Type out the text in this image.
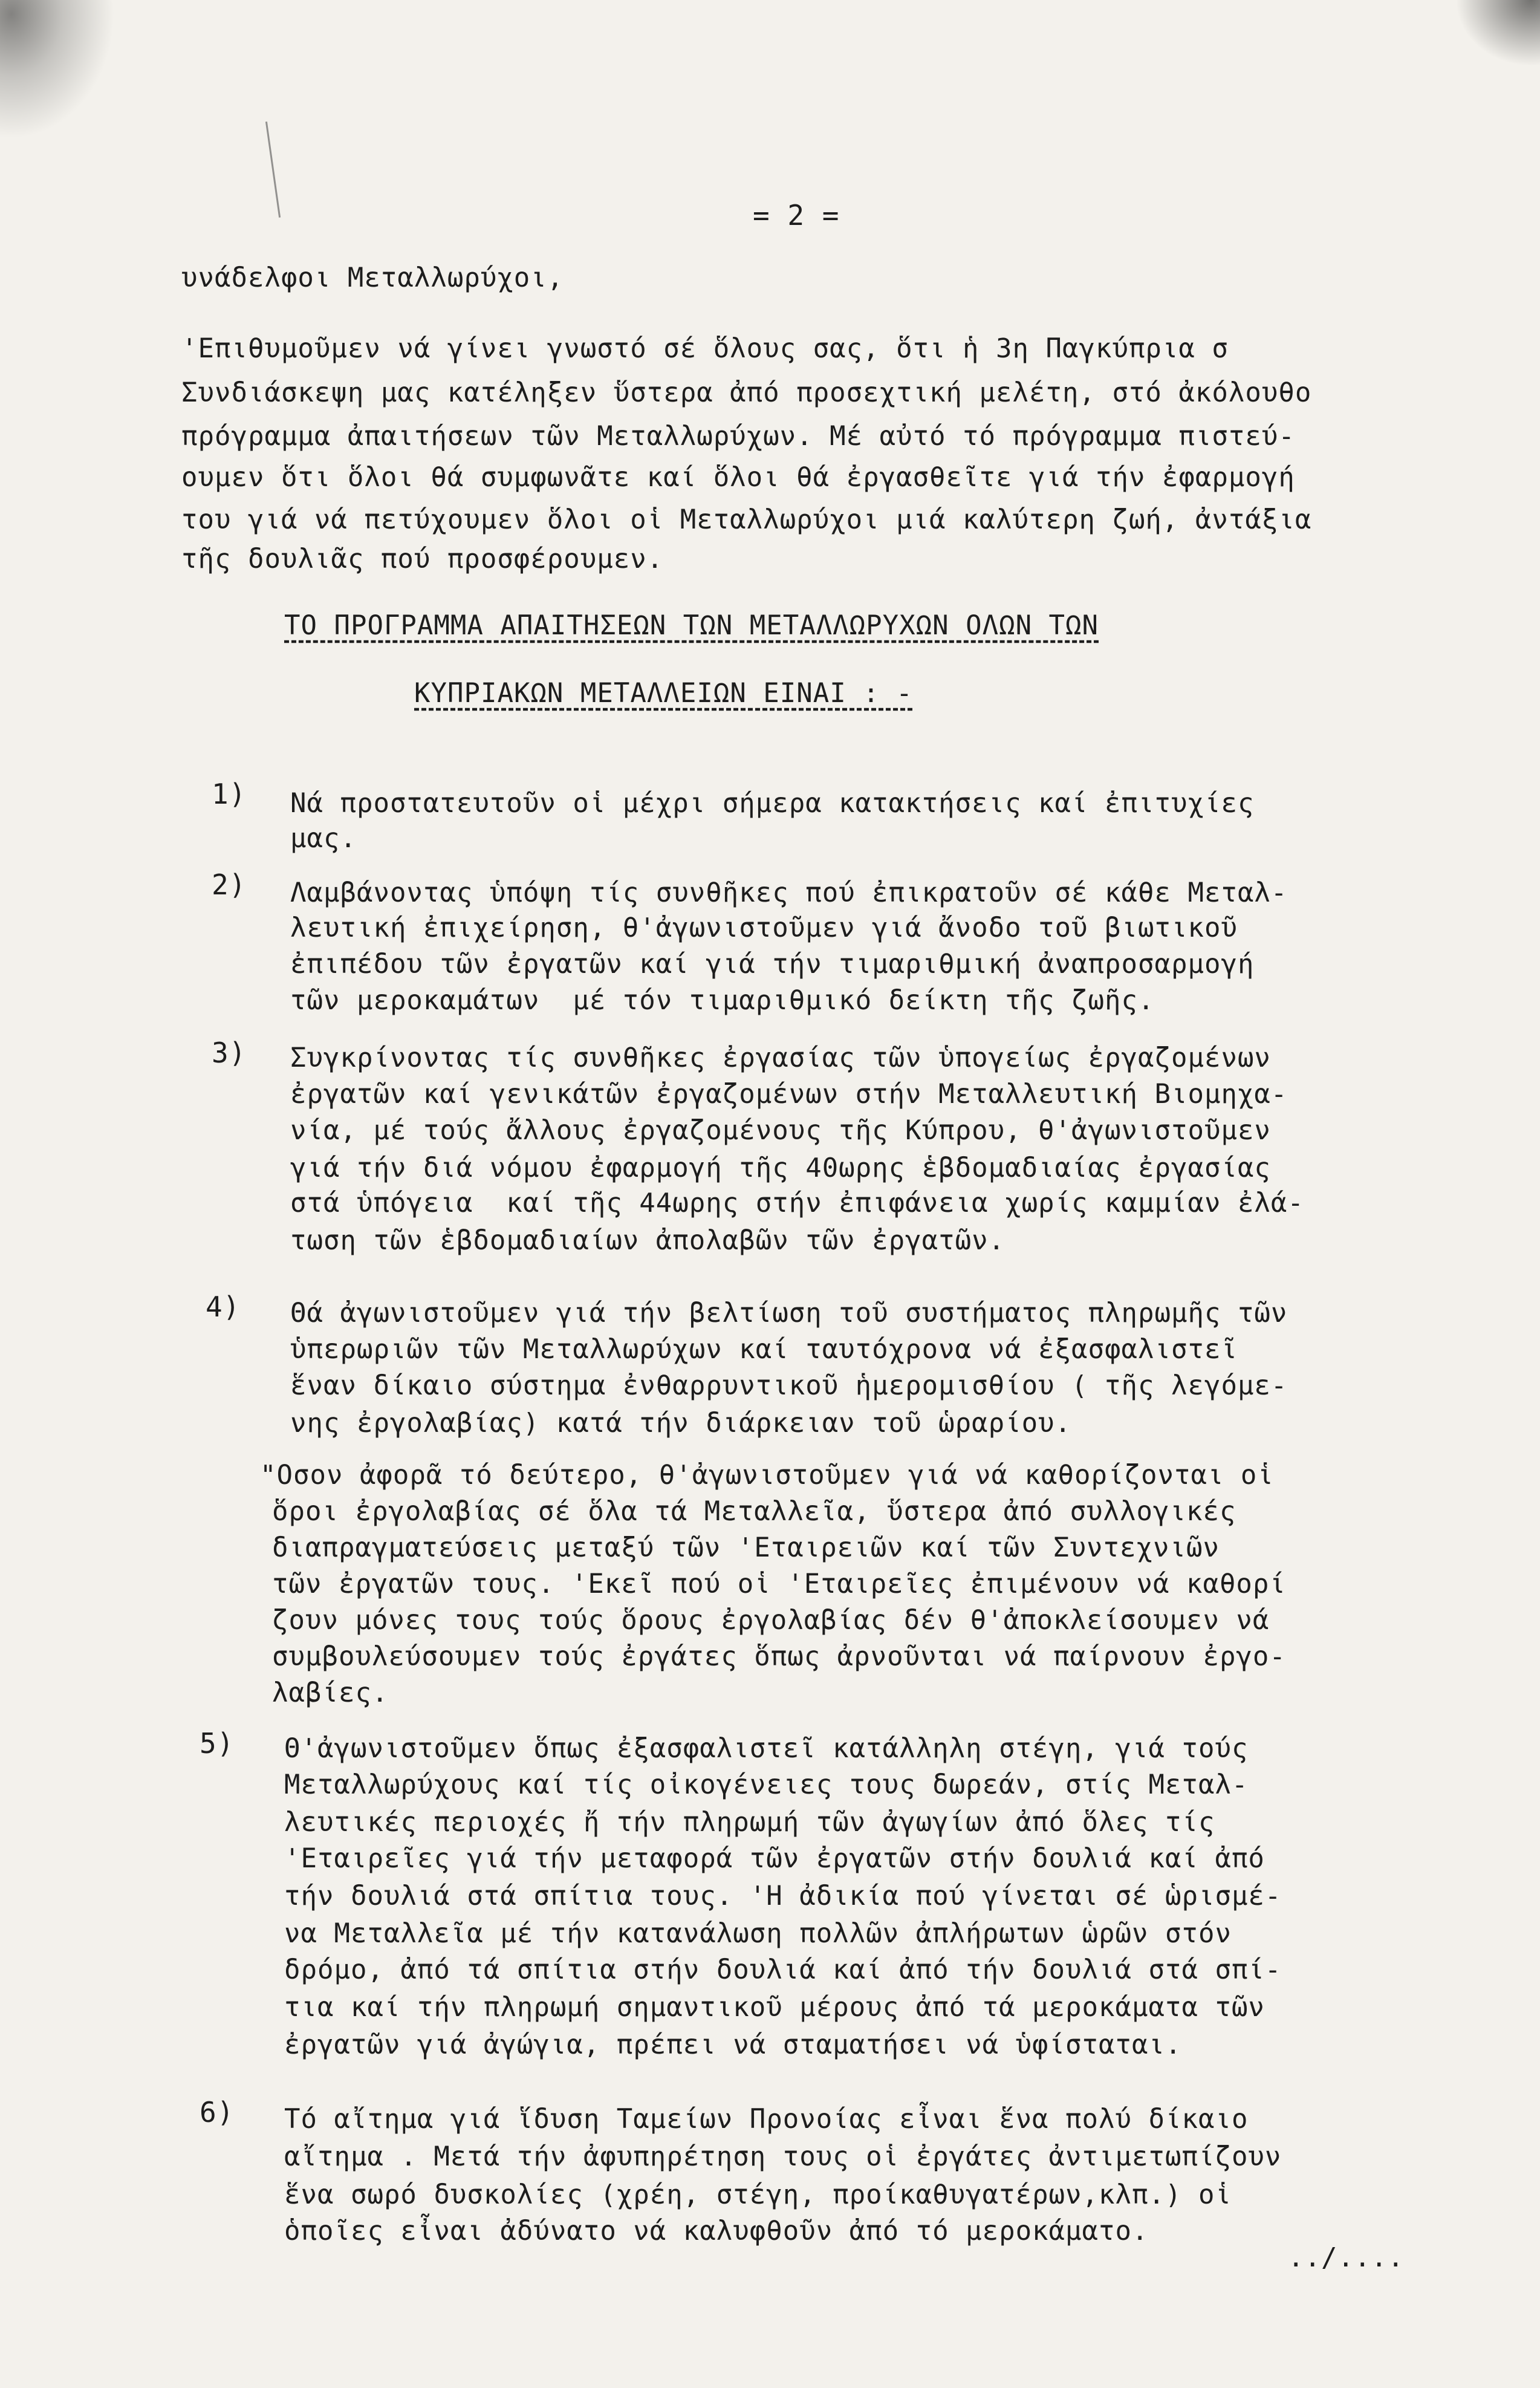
= 2 =
υνάδελφοι Μεταλλωρύχοι,
'Επιθυμοῦμεν νά γίνει γνωστό σέ ὅλους σας, ὅτι ἡ 3η Παγκύπρια σ
Συνδιάσκεψη μας κατέληξεν ὕστερα ἀπό προσεχτική μελέτη, στό ἀκόλουθο
πρόγραμμα ἀπαιτήσεων τῶν Μεταλλωρύχων. Μέ αὐτό τό πρόγραμμα πιστεύ-
ουμεν ὅτι ὅλοι θά συμφωνᾶτε καί ὅλοι θά ἐργασθεῖτε γιά τήν ἐφαρμογή
του γιά νά πετύχουμεν ὅλοι οἱ Μεταλλωρύχοι μιά καλύτερη ζωή, ἀντάξια
τῆς δουλιᾶς πού προσφέρουμεν.
ΤΟ ΠΡΟΓΡΑΜΜΑ ΑΠΑΙΤΗΣΕΩΝ ΤΩΝ ΜΕΤΑΛΛΩΡΥΧΩΝ ΟΛΩΝ ΤΩΝ
ΚΥΠΡΙΑΚΩΝ ΜΕΤΑΛΛΕΙΩΝ ΕΙΝΑΙ : -
1) Νά προστατευτοῦν οἱ μέχρι σήμερα κατακτήσεις καί ἐπιτυχίες
μας.
2) Λαμβάνοντας ὑπόψη τίς συνθῆκες πού ἐπικρατοῦν σέ κάθε Μεταλ-
λευτική ἐπιχείρηση, θ'ἀγωνιστοῦμεν γιά ἄνοδο τοῦ βιωτικοῦ
ἐπιπέδου τῶν ἐργατῶν καί γιά τήν τιμαριθμική ἀναπροσαρμογή
τῶν μεροκαμάτων  μέ τόν τιμαριθμικό δείκτη τῆς ζωῆς.
3) Συγκρίνοντας τίς συνθῆκες ἐργασίας τῶν ὑπογείως ἐργαζομένων
ἐργατῶν καί γενικάτῶν ἐργαζομένων στήν Μεταλλευτική Βιομηχα-
νία, μέ τούς ἄλλους ἐργαζομένους τῆς Κύπρου, θ'ἀγωνιστοῦμεν
γιά τήν διά νόμου ἐφαρμογή τῆς 40ωρης ἑβδομαδιαίας ἐργασίας
στά ὑπόγεια  καί τῆς 44ωρης στήν ἐπιφάνεια χωρίς καμμίαν ἐλά-
τωση τῶν ἑβδομαδιαίων ἀπολαβῶν τῶν ἐργατῶν.
4) Θά ἀγωνιστοῦμεν γιά τήν βελτίωση τοῦ συστήματος πληρωμῆς τῶν
ὑπερωριῶν τῶν Μεταλλωρύχων καί ταυτόχρονα νά ἐξασφαλιστεῖ
ἕναν δίκαιο σύστημα ἐνθαρρυντικοῦ ἡμερομισθίου ( τῆς λεγόμε-
νης ἐργολαβίας) κατά τήν διάρκειαν τοῦ ὡραρίου.
"Οσον ἀφορᾶ τό δεύτερο, θ'ἀγωνιστοῦμεν γιά νά καθορίζονται οἱ
ὅροι ἐργολαβίας σέ ὅλα τά Μεταλλεῖα, ὕστερα ἀπό συλλογικές
διαπραγματεύσεις μεταξύ τῶν 'Εταιρειῶν καί τῶν Συντεχνιῶν
τῶν ἐργατῶν τους. 'Εκεῖ πού οἱ 'Εταιρεῖες ἐπιμένουν νά καθορί
ζουν μόνες τους τούς ὅρους ἐργολαβίας δέν θ'ἀποκλείσουμεν νά
συμβουλεύσουμεν τούς ἐργάτες ὅπως ἀρνοῦνται νά παίρνουν ἐργο-
λαβίες.
5) Θ'ἀγωνιστοῦμεν ὅπως ἐξασφαλιστεῖ κατάλληλη στέγη, γιά τούς
Μεταλλωρύχους καί τίς οἰκογένειες τους δωρεάν, στίς Μεταλ-
λευτικές περιοχές ἤ τήν πληρωμή τῶν ἀγωγίων ἀπό ὅλες τίς
'Εταιρεῖες γιά τήν μεταφορά τῶν ἐργατῶν στήν δουλιά καί ἀπό
τήν δουλιά στά σπίτια τους. 'Η ἀδικία πού γίνεται σέ ὡρισμέ-
να Μεταλλεῖα μέ τήν κατανάλωση πολλῶν ἀπλήρωτων ὡρῶν στόν
δρόμο, ἀπό τά σπίτια στήν δουλιά καί ἀπό τήν δουλιά στά σπί-
τια καί τήν πληρωμή σημαντικοῦ μέρους ἀπό τά μεροκάματα τῶν
ἐργατῶν γιά ἀγώγια, πρέπει νά σταματήσει νά ὑφίσταται.
6) Τό αἴτημα γιά ἵδυση Ταμείων Προνοίας εἶναι ἕνα πολύ δίκαιο
αἴτημα . Μετά τήν ἀφυπηρέτηση τους οἱ ἐργάτες ἀντιμετωπίζουν
ἕνα σωρό δυσκολίες (χρέη, στέγη, προίκαθυγατέρων,κλπ.) οἱ
ὁποῖες εἶναι ἀδύνατο νά καλυφθοῦν ἀπό τό μεροκάματο.
../....
